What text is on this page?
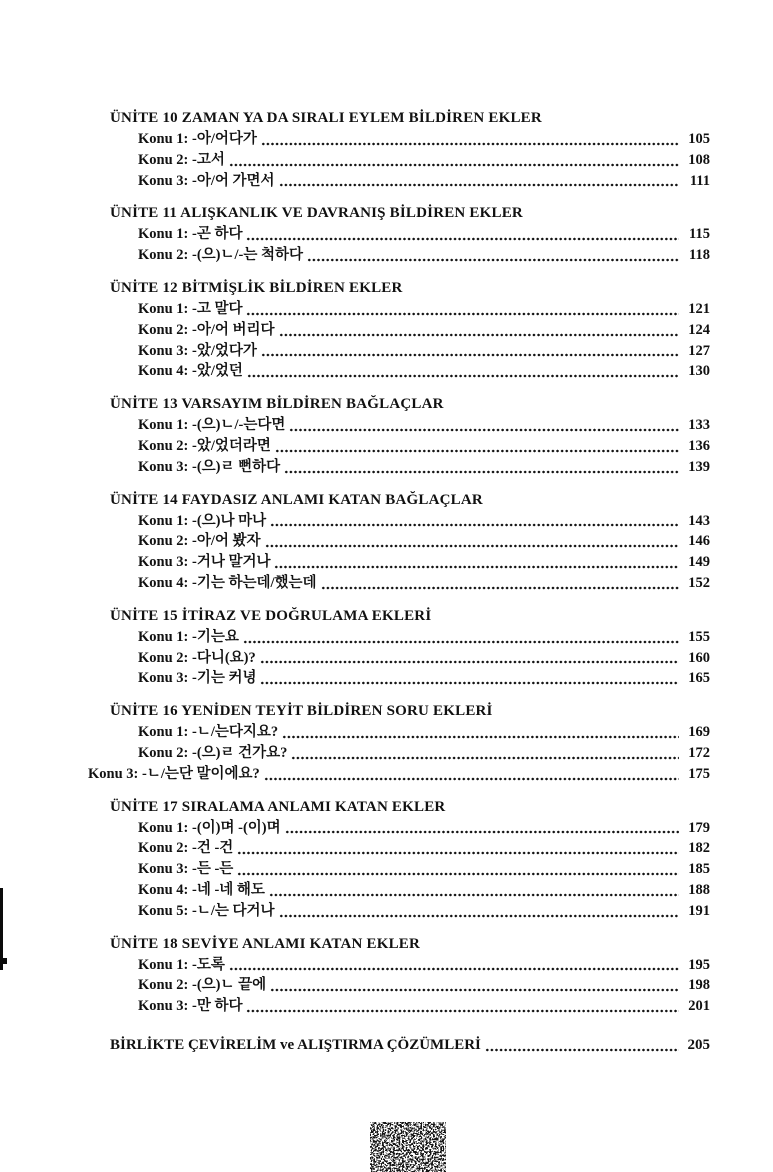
ÜNİTE 10 ZAMAN YA DA SIRALI EYLEM BİLDİREN EKLER
Konu 1: -아/어다가	105
Konu 2: -고서	108
Konu 3: -아/어 가면서	111
ÜNİTE 11 ALIŞKANLIK VE DAVRANIŞ BİLDİREN EKLER
Konu 1: -곤 하다	115
Konu 2: -(으)ㄴ/-는 척하다	118
ÜNİTE 12 BİTMİŞLİK BİLDİREN EKLER
Konu 1: -고 말다	121
Konu 2: -아/어 버리다	124
Konu 3: -았/었다가	127
Konu 4: -았/었던	130
ÜNİTE 13 VARSAYIM BİLDİREN BAĞLAÇLAR
Konu 1: -(으)ㄴ/-는다면	133
Konu 2: -았/었더라면	136
Konu 3: -(으)ㄹ 뻔하다	139
ÜNİTE 14 FAYDASIZ ANLAMI KATAN BAĞLAÇLAR
Konu 1: -(으)나 마나	143
Konu 2: -아/어 봤자	146
Konu 3: -거나 말거나	149
Konu 4: -기는 하는데/했는데	152
ÜNİTE 15 İTİRAZ VE DOĞRULAMA EKLERİ
Konu 1: -기는요	155
Konu 2: -다니(요)?	160
Konu 3: -기는 커녕	165
ÜNİTE 16 YENİDEN TEYİT BİLDİREN SORU EKLERİ
Konu 1: -ㄴ/는다지요?	169
Konu 2: -(으)ㄹ 건가요?	172
Konu 3: -ㄴ/는단 말이에요?	175
ÜNİTE 17 SIRALAMA ANLAMI KATAN EKLER
Konu 1: -(이)며 -(이)며	179
Konu 2: -건 -건	182
Konu 3: -든 -든	185
Konu 4: -네 -네 해도	188
Konu 5: -ㄴ/는 다거나	191
ÜNİTE 18 SEVİYE ANLAMI KATAN EKLER
Konu 1: -도록	195
Konu 2: -(으)ㄴ 끝에	198
Konu 3: -만 하다	201
BİRLİKTE ÇEVİRELİM ve ALIŞTIRMA ÇÖZÜMLERİ	205
